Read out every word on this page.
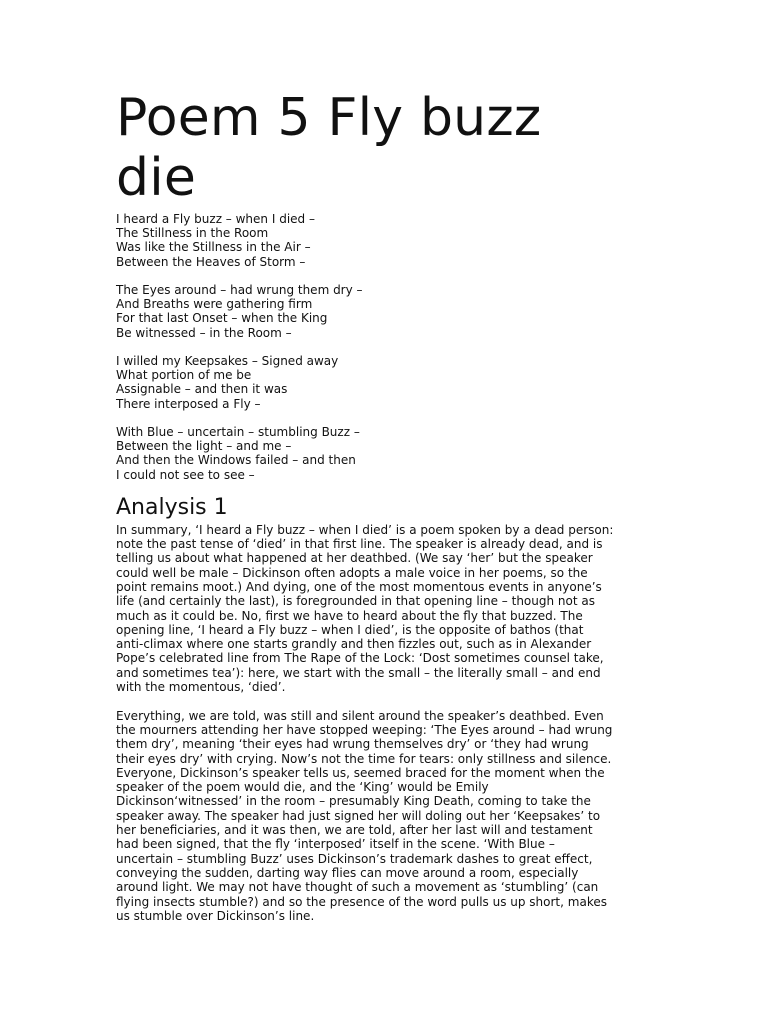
Poem 5 Fly buzz
die
I heard a Fly buzz – when I died –
The Stillness in the Room
Was like the Stillness in the Air –
Between the Heaves of Storm –
The Eyes around – had wrung them dry –
And Breaths were gathering firm
For that last Onset – when the King
Be witnessed – in the Room –
I willed my Keepsakes – Signed away
What portion of me be
Assignable – and then it was
There interposed a Fly –
With Blue – uncertain – stumbling Buzz –
Between the light – and me –
And then the Windows failed – and then
I could not see to see –
Analysis 1
In summary, ‘I heard a Fly buzz – when I died’ is a poem spoken by a dead person:
note the past tense of ‘died’ in that first line. The speaker is already dead, and is
telling us about what happened at her deathbed. (We say ‘her’ but the speaker
could well be male – Dickinson often adopts a male voice in her poems, so the
point remains moot.) And dying, one of the most momentous events in anyone’s
life (and certainly the last), is foregrounded in that opening line – though not as
much as it could be. No, first we have to heard about the fly that buzzed. The
opening line, ‘I heard a Fly buzz – when I died’, is the opposite of bathos (that
anti-climax where one starts grandly and then fizzles out, such as in Alexander
Pope’s celebrated line from The Rape of the Lock: ‘Dost sometimes counsel take,
and sometimes tea’): here, we start with the small – the literally small – and end
with the momentous, ‘died’.
Everything, we are told, was still and silent around the speaker’s deathbed. Even
the mourners attending her have stopped weeping: ‘The Eyes around – had wrung
them dry’, meaning ‘their eyes had wrung themselves dry’ or ‘they had wrung
their eyes dry’ with crying. Now’s not the time for tears: only stillness and silence.
Everyone, Dickinson’s speaker tells us, seemed braced for the moment when the
speaker of the poem would die, and the ‘King’ would be Emily
Dickinson‘witnessed’ in the room – presumably King Death, coming to take the
speaker away. The speaker had just signed her will doling out her ‘Keepsakes’ to
her beneficiaries, and it was then, we are told, after her last will and testament
had been signed, that the fly ‘interposed’ itself in the scene. ‘With Blue –
uncertain – stumbling Buzz’ uses Dickinson’s trademark dashes to great effect,
conveying the sudden, darting way flies can move around a room, especially
around light. We may not have thought of such a movement as ‘stumbling’ (can
flying insects stumble?) and so the presence of the word pulls us up short, makes
us stumble over Dickinson’s line.
